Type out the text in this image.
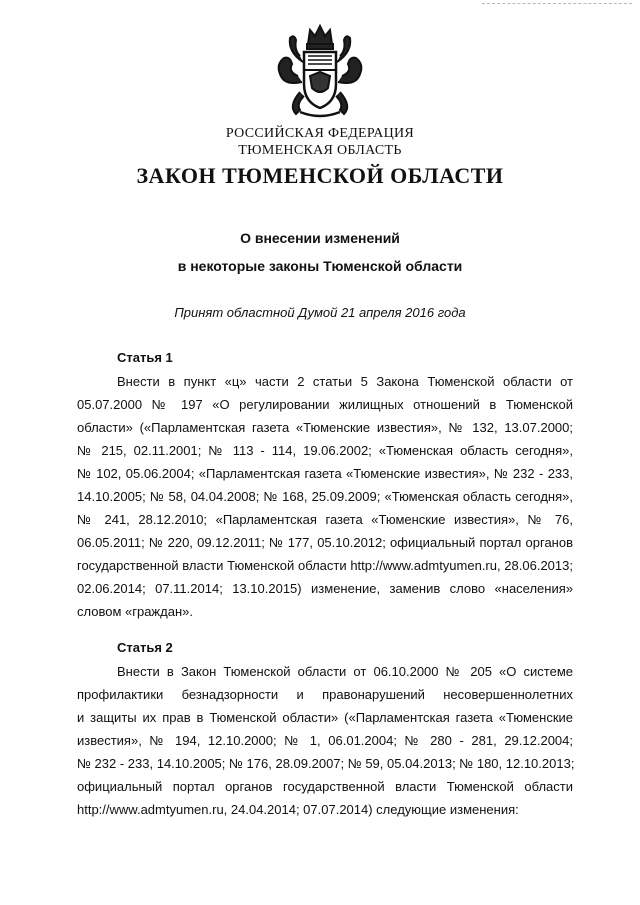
РОССИЙСКАЯ ФЕДЕРАЦИЯ
ТЮМЕНСКАЯ ОБЛАСТЬ
ЗАКОН ТЮМЕНСКОЙ ОБЛАСТИ
О внесении изменений
в некоторые законы Тюменской области
Принят областной Думой 21 апреля 2016 года
Статья 1
Внести в пункт «ц» части 2 статьи 5 Закона Тюменской области от
05.07.2000 № 197 «О регулировании жилищных отношений в Тюменской
области» («Парламентская газета «Тюменские известия», № 132, 13.07.2000;
№ 215, 02.11.2001; № 113 - 114, 19.06.2002; «Тюменская область сегодня»,
№ 102, 05.06.2004; «Парламентская газета «Тюменские известия», № 232 - 233,
14.10.2005; № 58, 04.04.2008; № 168, 25.09.2009; «Тюменская область сегодня»,
№ 241, 28.12.2010; «Парламентская газета «Тюменские известия», № 76,
06.05.2011; № 220, 09.12.2011; № 177, 05.10.2012; официальный портал органов
государственной власти Тюменской области http://www.admtyumen.ru, 28.06.2013;
02.06.2014; 07.11.2014; 13.10.2015) изменение, заменив слово «населения»
словом «граждан».
Статья 2
Внести в Закон Тюменской области от 06.10.2000 № 205 «О системе
профилактики безнадзорности и правонарушений несовершеннолетних
и защиты их прав в Тюменской области» («Парламентская газета «Тюменские
известия», № 194, 12.10.2000; № 1, 06.01.2004; № 280 - 281, 29.12.2004;
№ 232 - 233, 14.10.2005; № 176, 28.09.2007; № 59, 05.04.2013; № 180, 12.10.2013;
официальный портал органов государственной власти Тюменской области
http://www.admtyumen.ru, 24.04.2014; 07.07.2014) следующие изменения:
